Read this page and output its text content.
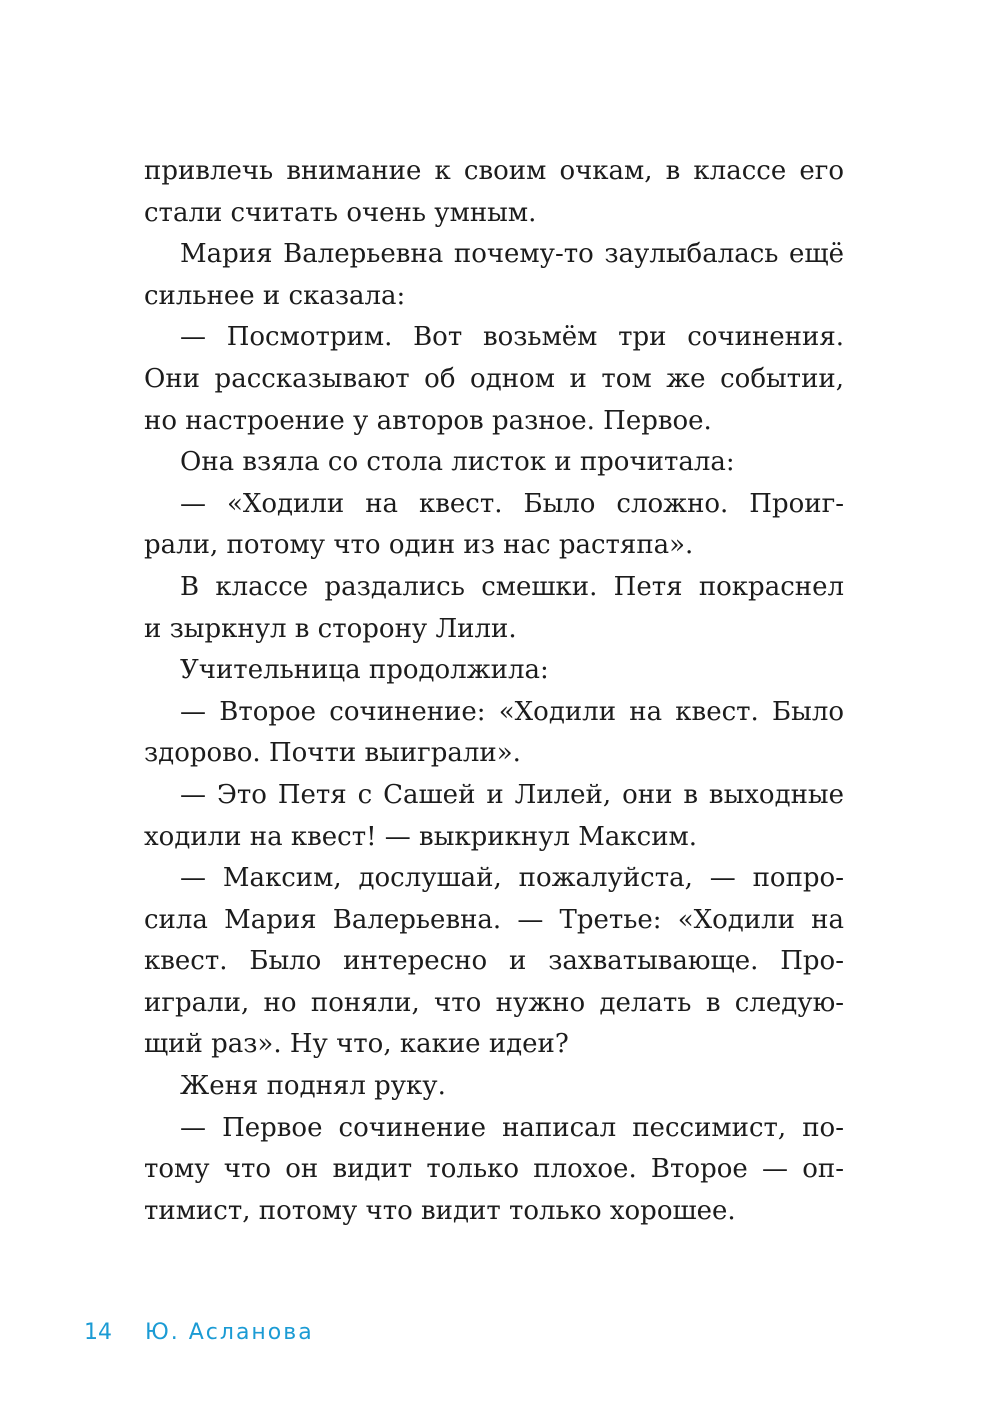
привлечь внимание к своим очкам, в классе его
стали считать очень умным.
Мария Валерьевна почему-то заулыбалась ещё
сильнее и сказала:
— Посмотрим. Вот возьмём три сочинения.
Они рассказывают об одном и том же событии,
но настроение у авторов разное. Первое.
Она взяла со стола листок и прочитала:
— «Ходили на квест. Было сложно. Проиг-
рали, потому что один из нас растяпа».
В классе раздались смешки. Петя покраснел
и зыркнул в сторону Лили.
Учительница продолжила:
— Второе сочинение: «Ходили на квест. Было
здорово. Почти выиграли».
— Это Петя с Сашей и Лилей, они в выходные
ходили на квест! — выкрикнул Максим.
— Максим, дослушай, пожалуйста, — попро-
сила Мария Валерьевна. — Третье: «Ходили на
квест. Было интересно и захватывающе. Про-
играли, но поняли, что нужно делать в следую-
щий раз». Ну что, какие идеи?
Женя поднял руку.
— Первое сочинение написал пессимист, по-
тому что он видит только плохое. Второе — оп-
тимист, потому что видит только хорошее.
14 Ю. Асланова
